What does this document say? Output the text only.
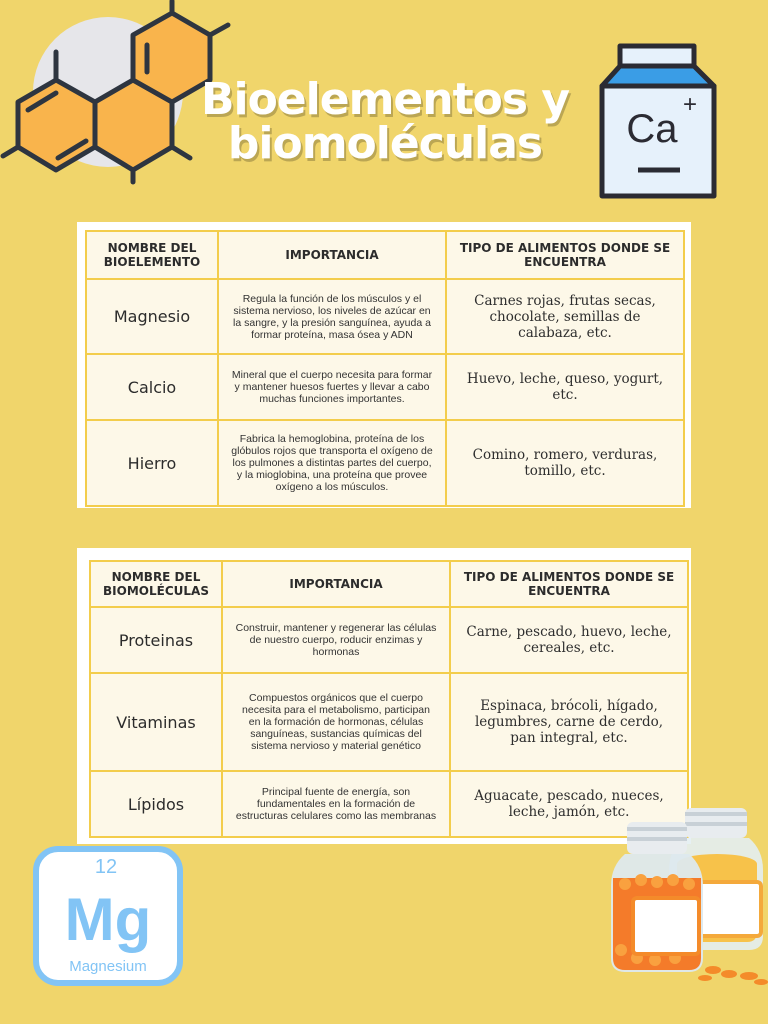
Bioelementos y
biomoléculas	Ca
+
NOMBRE DEL BIOELEMENTO	IMPORTANCIA	TIPO DE ALIMENTOS DONDE SE ENCUENTRA
Magnesio	Regula la función de los músculos y el sistema nervioso, los niveles de azúcar en la sangre, y la presión sanguínea, ayuda a formar proteína, masa ósea y ADN	Carnes rojas, frutas secas, chocolate, semillas de calabaza, etc.
Calcio	Mineral que el cuerpo necesita para formar y mantener huesos fuertes y llevar a cabo muchas funciones importantes.	Huevo, leche, queso, yogurt, etc.
Hierro	Fabrica la hemoglobina, proteína de los glóbulos rojos que transporta el oxígeno de los pulmones a distintas partes del cuerpo, y la mioglobina, una proteína que provee oxígeno a los músculos.	Comino, romero, verduras, tomillo, etc.
NOMBRE DEL BIOMOLÉCULAS	IMPORTANCIA	TIPO DE ALIMENTOS DONDE SE ENCUENTRA
Proteinas	Construir, mantener y regenerar las células de nuestro cuerpo, roducir enzimas y hormonas	Carne, pescado, huevo, leche, cereales, etc.
Vitaminas	Compuestos orgánicos que el cuerpo necesita para el metabolismo, participan en la formación de hormonas, células sanguíneas, sustancias químicas del sistema nervioso y material genético	Espinaca, brócoli, hígado, legumbres, carne de cerdo, pan integral, etc.
Lípidos	Principal fuente de energía, son fundamentales en la formación de estructuras celulares como las membranas	Aguacate, pescado, nueces, leche, jamón, etc.
12
Mg
Magnesium
